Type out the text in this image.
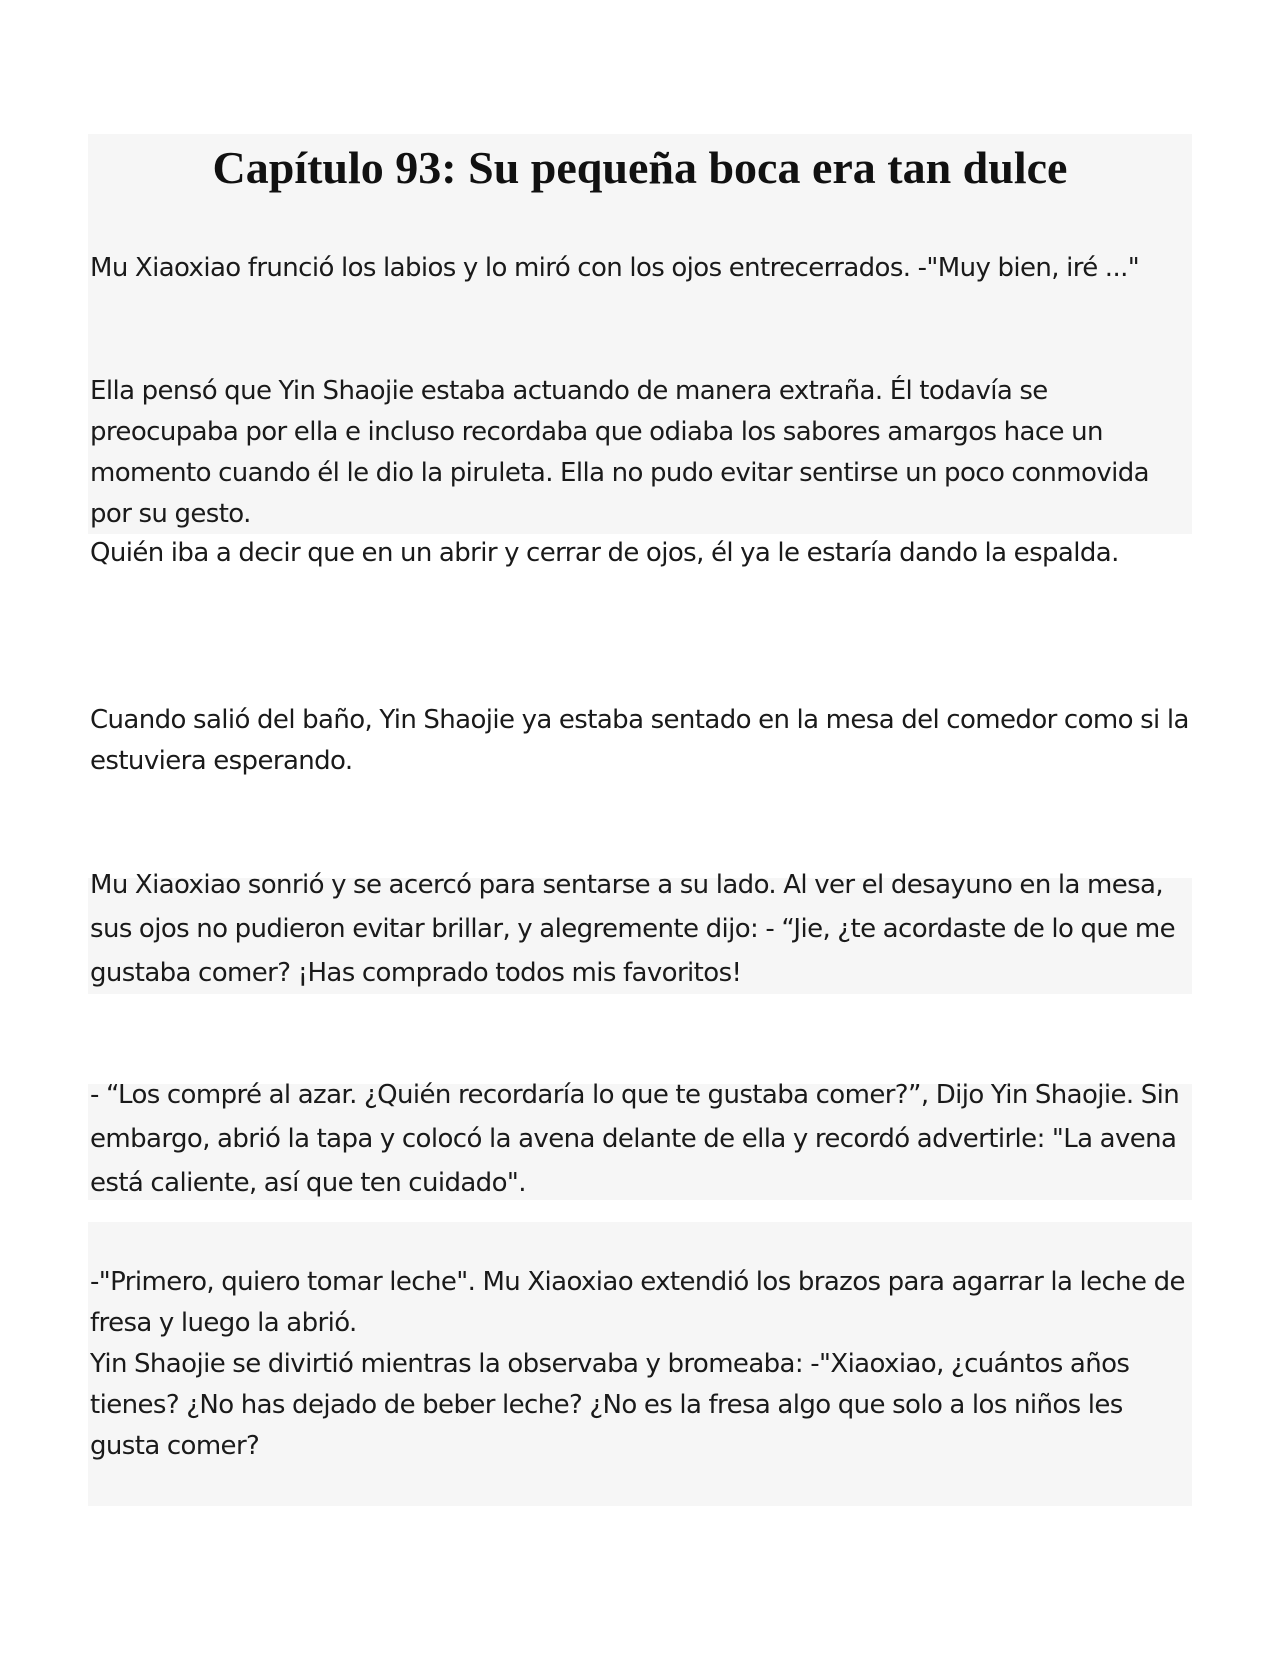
Capítulo 93: Su pequeña boca era tan dulce

Mu Xiaoxiao frunció los labios y lo miró con los ojos entrecerrados. -"Muy bien, iré ..."

Ella pensó que Yin Shaojie estaba actuando de manera extraña. Él todavía se preocupaba por ella e incluso recordaba que odiaba los sabores amargos hace un momento cuando él le dio la piruleta. Ella no pudo evitar sentirse un poco conmovida por su gesto.

Quién iba a decir que en un abrir y cerrar de ojos, él ya le estaría dando la espalda.

Cuando salió del baño, Yin Shaojie ya estaba sentado en la mesa del comedor como si la estuviera esperando.

Mu Xiaoxiao sonrió y se acercó para sentarse a su lado. Al ver el desayuno en la mesa, sus ojos no pudieron evitar brillar, y alegremente dijo: - “Jie, ¿te acordaste de lo que me gustaba comer? ¡Has comprado todos mis favoritos!

- “Los compré al azar. ¿Quién recordaría lo que te gustaba comer?”, Dijo Yin Shaojie. Sin embargo, abrió la tapa y colocó la avena delante de ella y recordó advertirle: "La avena está caliente, así que ten cuidado".

-"Primero, quiero tomar leche". Mu Xiaoxiao extendió los brazos para agarrar la leche de fresa y luego la abrió.

Yin Shaojie se divirtió mientras la observaba y bromeaba: -"Xiaoxiao, ¿cuántos años tienes? ¿No has dejado de beber leche? ¿No es la fresa algo que solo a los niños les gusta comer?
